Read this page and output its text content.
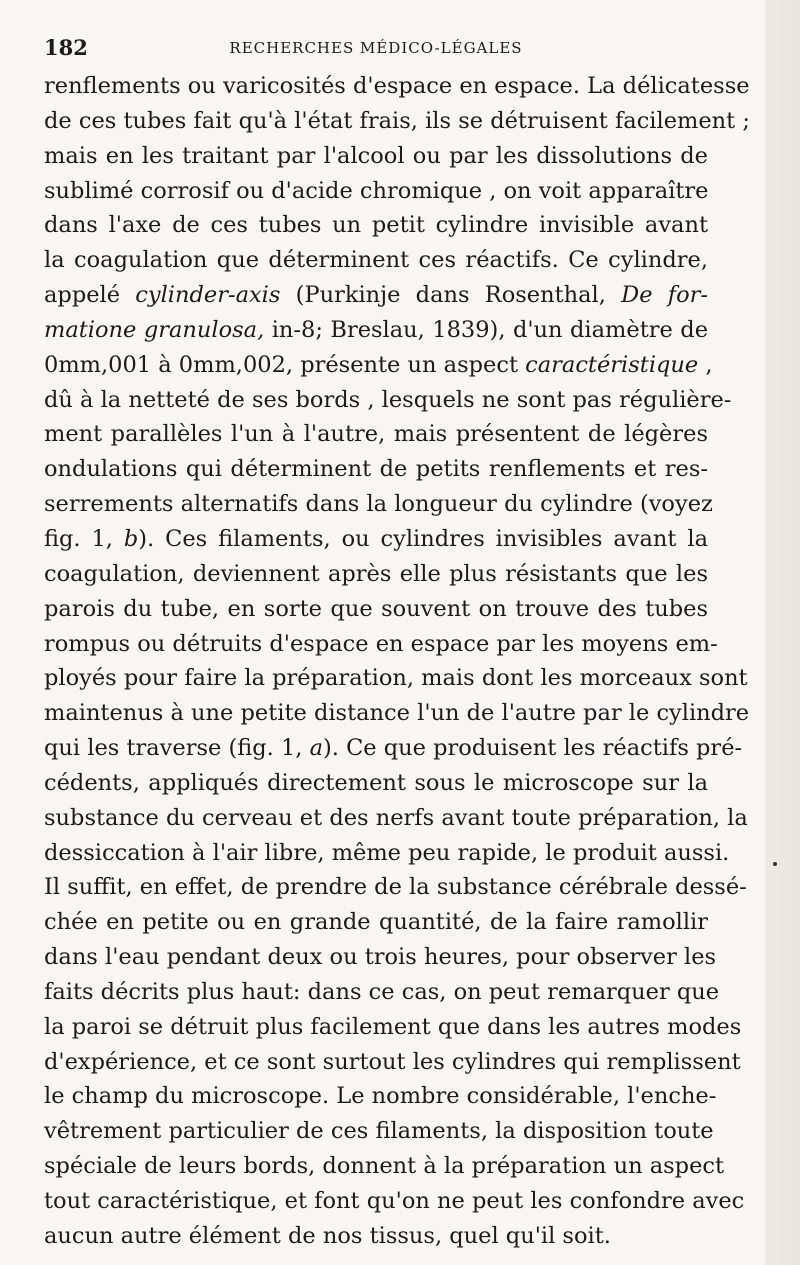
182	RECHERCHES MÉDICO-LÉGALES
renflements ou varicosités d'espace en espace. La délicatesse
de ces tubes fait qu'à l'état frais, ils se détruisent facilement ;
mais en les traitant par l'alcool ou par les dissolutions de
sublimé corrosif ou d'acide chromique , on voit apparaître
dans l'axe de ces tubes un petit cylindre invisible avant
la coagulation que déterminent ces réactifs. Ce cylindre,
appelé cylinder-axis (Purkinje dans Rosenthal, De for-
matione granulosa, in-8; Breslau, 1839), d'un diamètre de
0mm,001 à 0mm,002, présente un aspect caractéristique ,
dû à la netteté de ses bords , lesquels ne sont pas régulière-
ment parallèles l'un à l'autre, mais présentent de légères
ondulations qui déterminent de petits renflements et res-
serrements alternatifs dans la longueur du cylindre (voyez
fig. 1, b). Ces filaments, ou cylindres invisibles avant la
coagulation, deviennent après elle plus résistants que les
parois du tube, en sorte que souvent on trouve des tubes
rompus ou détruits d'espace en espace par les moyens em-
ployés pour faire la préparation, mais dont les morceaux sont
maintenus à une petite distance l'un de l'autre par le cylindre
qui les traverse (fig. 1, a). Ce que produisent les réactifs pré-
cédents, appliqués directement sous le microscope sur la
substance du cerveau et des nerfs avant toute préparation, la
dessiccation à l'air libre, même peu rapide, le produit aussi.
Il suffit, en effet, de prendre de la substance cérébrale dessé-
chée en petite ou en grande quantité, de la faire ramollir
dans l'eau pendant deux ou trois heures, pour observer les
faits décrits plus haut: dans ce cas, on peut remarquer que
la paroi se détruit plus facilement que dans les autres modes
d'expérience, et ce sont surtout les cylindres qui remplissent
le champ du microscope. Le nombre considérable, l'enche-
vêtrement particulier de ces filaments, la disposition toute
spéciale de leurs bords, donnent à la préparation un aspect
tout caractéristique, et font qu'on ne peut les confondre avec
aucun autre élément de nos tissus, quel qu'il soit.
